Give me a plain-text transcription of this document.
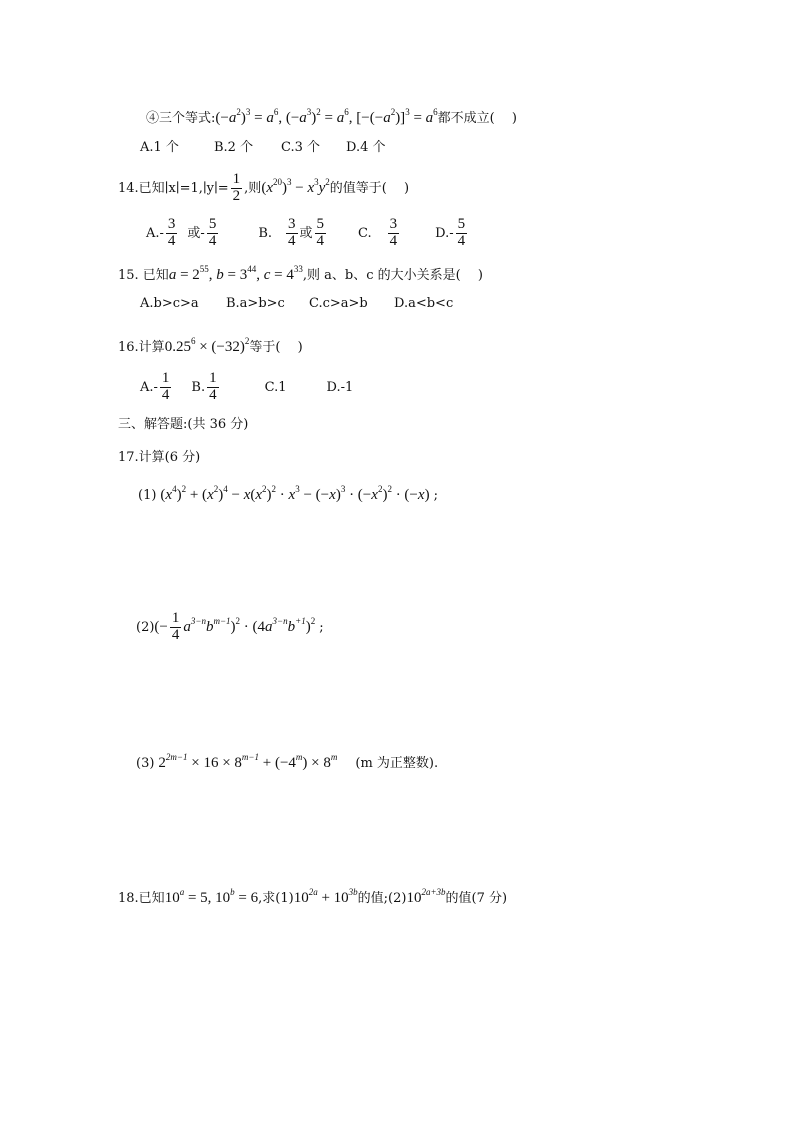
④三个等式: $(-a^2)^3 = a^6$, $(-a^3)^2 = a^6$, $[-(-a^2)]^3 = a^6$ 都不成立(　 )
A.1 个	B.2 个 C.3 个 D.4 个
14.已知∣x∣=1,∣y∣= $\frac{1}{2}$ ,则 $(x^{20})^3 - x^3y^2$ 的值等于(　 )
$A.- \frac{3}{4}$ 或- $\frac{5}{4}$	B. $\frac{3}{4}$ 或 $\frac{5}{4} C$. $\frac{3}{4}$	$D.- \frac{5}{4}$
15. 已知 $a = 2^{55}$, $b = 3^{44}$, $c = 4^{33}$ ,则 a、b、c 的大小关系是(　 )
A.b>c>a B.a>b>c C.c>a>b D.a<b<c
16.计算 $0.25^6 \times (-32)^2$ 等于(　 )
$A.- \frac{1}{4} B$. $\frac{1}{4}$	C.1	D.-1
三、解答题:(共 36 分)
17.计算(6 分)
(1) $(x^4)^2 + (x^2)^4 - x(x^2)^2 \cdot x^3 - (-x)^3 \cdot (-x^2)^2 \cdot (-x)$ ;
(2) (− $\frac{1}{4} a^{3-n}b^{m-1})^2 \cdot (4a^{3-n}b^{+1})^2$ ;
(3) $2^{2m-1} \times 16 \times 8^{m-1} + (-4^m) \times 8^m$ (m 为正整数).
18.已知 $10^a = 5$, $10^b = 6$ ,求(1) $10^{2a} + 10^{3b}$ 的值;(2) $10^{2a+3b}$ 的值(7 分)
